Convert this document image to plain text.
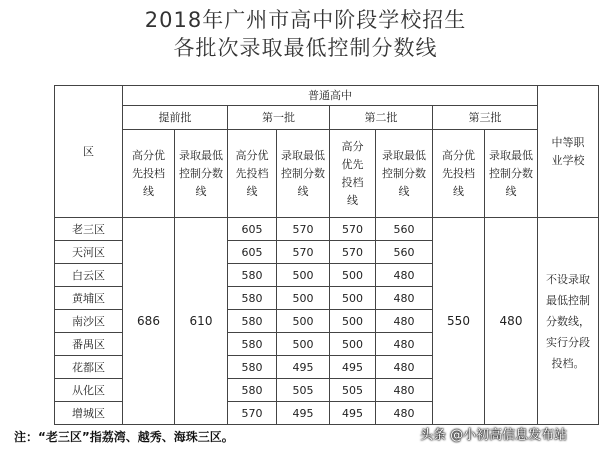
2018年广州市高中阶段学校招生
各批次录取最低控制分数线
区	普通高中								中等职业学校

	提前批		第一批		第二批		第三批		

	高分优先投档线	录取最低控制分数线	高分优先投档线	录取最低控制分数线	高分优先投档线	录取最低控制分数线	高分优先投档线	录取最低控制分数线	

老三区	686	610	605	570	570	560	550	480	不设录取最低控制分数线，实行分段投档。

天河区			605	570	570	560			
白云区			580	500	500	480			
黄埔区			580	500	500	480			
南沙区			580	500	500	480			
番禺区			580	500	500	480			
花都区			580	495	495	480			
从化区			580	505	505	480			
增城区			570	495	495	480			
注：“老三区”指荔湾、越秀、海珠三区。	头条 @小初高信息发布站
